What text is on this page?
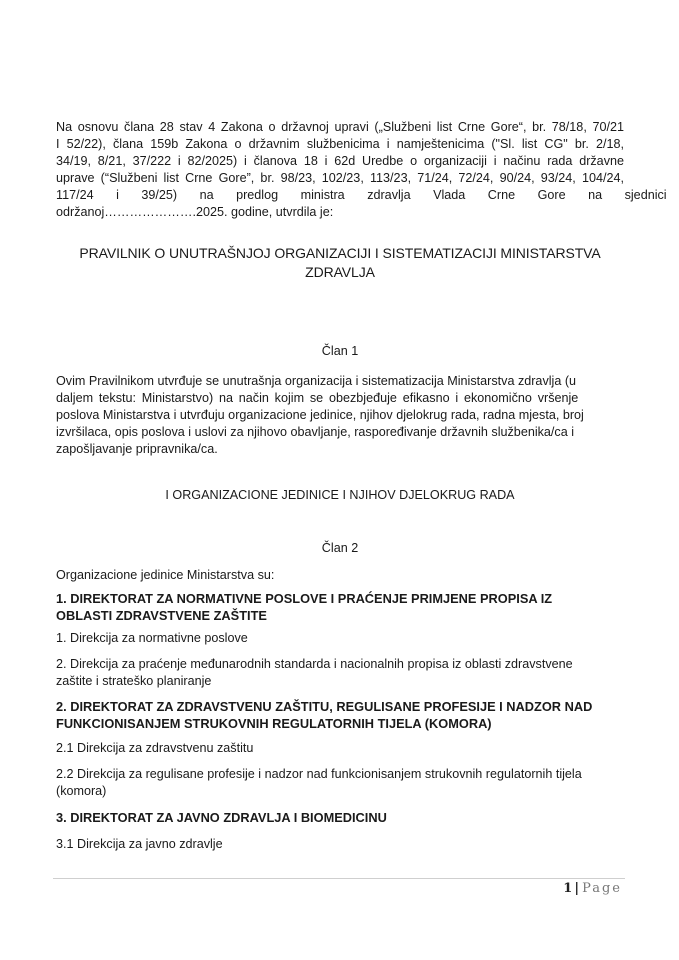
Na osnovu člana 28 stav 4 Zakona o državnoj upravi („Službeni list Crne Gore“, br. 78/18, 70/21
I 52/22), člana 159b Zakona o državnim službenicima i namještenicima ("Sl. list CG" br. 2/18,
34/19, 8/21, 37/222 i 82/2025) i članova 18 i 62d Uredbe o organizaciji i načinu rada državne
uprave (“Službeni list Crne Gore”, br. 98/23, 102/23, 113/23, 71/24, 72/24, 90/24, 93/24, 104/24,
117/24 i 39/25) na predlog ministra zdravlja Vlada Crne Gore na sjednici
održanoj………………….2025. godine, utvrdila je:
PRAVILNIK O UNUTRAŠNJOJ ORGANIZACIJI I SISTEMATIZACIJI MINISTARSTVA
ZDRAVLJA
Član 1
Ovim Pravilnikom utvrđuje se unutrašnja organizacija i sistematizacija Ministarstva zdravlja (u
daljem tekstu: Ministarstvo) na način kojim se obezbjeđuje efikasno i ekonomično vršenje
poslova Ministarstva i utvrđuju organizacione jedinice, njihov djelokrug rada, radna mjesta, broj
izvršilaca, opis poslova i uslovi za njihovo obavljanje, raspoređivanje državnih službenika/ca i
zapošljavanje pripravnika/ca.
I ORGANIZACIONE JEDINICE I NJIHOV DJELOKRUG RADA
Član 2
Organizacione jedinice Ministarstva su:
1. DIREKTORAT ZA NORMATIVNE POSLOVE I PRAĆENJE PRIMJENE PROPISA IZ
OBLASTI ZDRAVSTVENE ZAŠTITE
1. Direkcija za normativne poslove
2. Direkcija za praćenje međunarodnih standarda i nacionalnih propisa iz oblasti zdravstvene
zaštite i strateško planiranje
2. DIREKTORAT ZA ZDRAVSTVENU ZAŠTITU, REGULISANE PROFESIJE I NADZOR NAD
FUNKCIONISANJEM STRUKOVNIH REGULATORNIH TIJELA (KOMORA)
2.1 Direkcija za zdravstvenu zaštitu
2.2 Direkcija za regulisane profesije i nadzor nad funkcionisanjem strukovnih regulatornih tijela
(komora)
3. DIREKTORAT ZA JAVNO ZDRAVLJA I BIOMEDICINU
3.1 Direkcija za javno zdravlje
1 | Page
